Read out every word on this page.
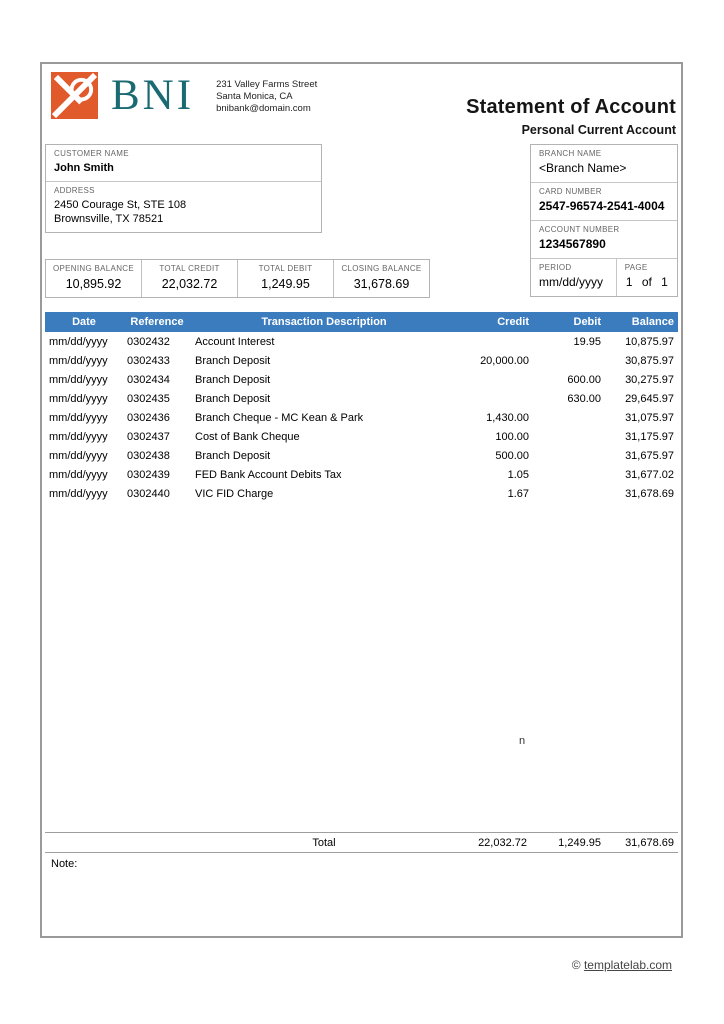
BNI 231 Valley Farms Street
Santa Monica, CA
bnibank@domain.com	Statement of Account
Personal Current Account
CUSTOMER NAME
John Smith
ADDRESS
2450 Courage St, STE 108
Brownsville, TX 78521
OPENING BALANCE
10,895.92
TOTAL CREDIT
22,032.72
TOTAL DEBIT
1,249.95
CLOSING BALANCE
31,678.69
BRANCH NAME
<Branch Name>
CARD NUMBER
2547-96574-2541-4004
ACCOUNT NUMBER
1234567890
PERIOD
mm/dd/yyyy
PAGE
1 of 1
Date	Reference	Transaction Description	Credit	Debit	Balance
mm/dd/yyyy	0302432	Account Interest		19.95	10,875.97
mm/dd/yyyy	0302433	Branch Deposit	20,000.00		30,875.97
mm/dd/yyyy	0302434	Branch Deposit		600.00	30,275.97
mm/dd/yyyy	0302435	Branch Deposit		630.00	29,645.97
mm/dd/yyyy	0302436	Branch Cheque - MC Kean & Park	1,430.00		31,075.97
mm/dd/yyyy	0302437	Cost of Bank Cheque	100.00		31,175.97
mm/dd/yyyy	0302438	Branch Deposit	500.00		31,675.97
mm/dd/yyyy	0302439	FED Bank Account Debits Tax	1.05		31,677.02
mm/dd/yyyy	0302440	VIC FID Charge	1.67		31,678.69
n
Total	22,032.72	1,249.95	31,678.69
Note:
© templatelab.com
